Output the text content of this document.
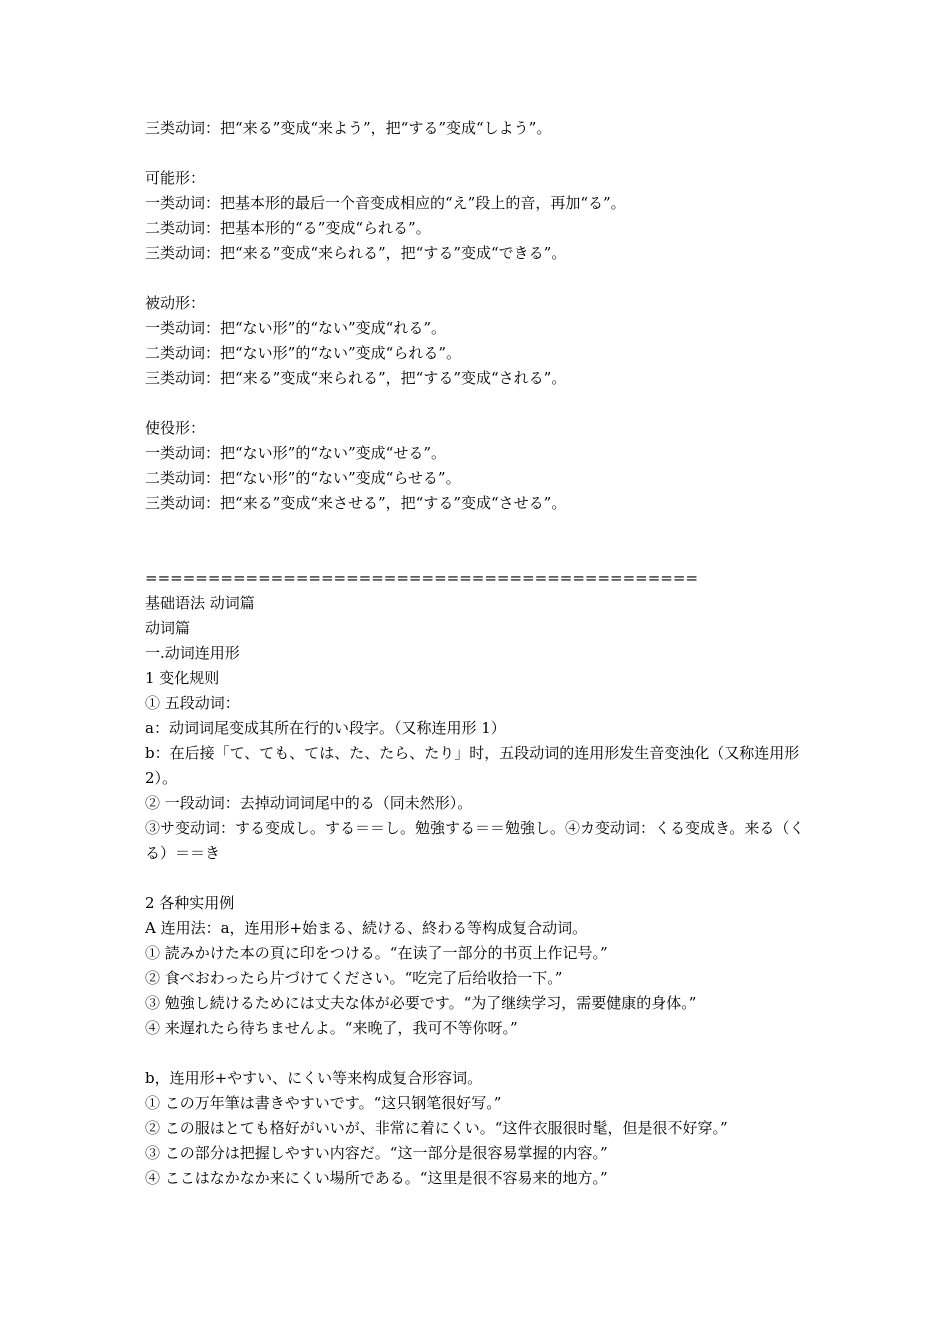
三类动词：把“来る”变成“来よう”，把“する”变成“しよう”。
可能形：
一类动词：把基本形的最后一个音变成相应的“え”段上的音，再加“る”。
二类动词：把基本形的“る”变成“られる”。
三类动词：把“来る”变成“来られる”，把“する”变成“できる”。
被动形：
一类动词：把“ない形”的“ない”变成“れる”。
二类动词：把“ない形”的“ない”变成“られる”。
三类动词：把“来る”变成“来られる”，把“する”变成“される”。
使役形：
一类动词：把“ない形”的“ない”变成“せる”。
二类动词：把“ない形”的“ない”变成“らせる”。
三类动词：把“来る”变成“来させる”，把“する”变成“させる”。
============================================
基础语法 动词篇
动词篇
一.动词连用形
1 变化规则
① 五段动词：
a：动词词尾变成其所在行的い段字。（又称连用形 1）
b：在后接「て、ても、ては、た、たら、たり」时，五段动词的连用形发生音变浊化（又称连用形 2）。
② 一段动词：去掉动词词尾中的る（同未然形）。
③サ变动词：する变成し。する＝＝し。勉強する＝＝勉強し。④カ变动词：くる变成き。来る（くる）＝＝き
2 各种实用例
A 连用法：a，连用形+始まる、続ける、終わる等构成复合动词。
① 読みかけた本の頁に印をつける。“在读了一部分的书页上作记号。”
② 食べおわったら片づけてください。“吃完了后给收拾一下。”
③ 勉強し続けるためには丈夫な体が必要です。“为了继续学习，需要健康的身体。”
④ 来遅れたら待ちませんよ。“来晚了，我可不等你呀。”
b，连用形+やすい、にくい等来构成复合形容词。
① この万年筆は書きやすいです。“这只钢笔很好写。”
② この服はとても格好がいいが、非常に着にくい。“这件衣服很时髦，但是很不好穿。”
③ この部分は把握しやすい内容だ。“这一部分是很容易掌握的内容。”
④ ここはなかなか来にくい場所である。“这里是很不容易来的地方。”
